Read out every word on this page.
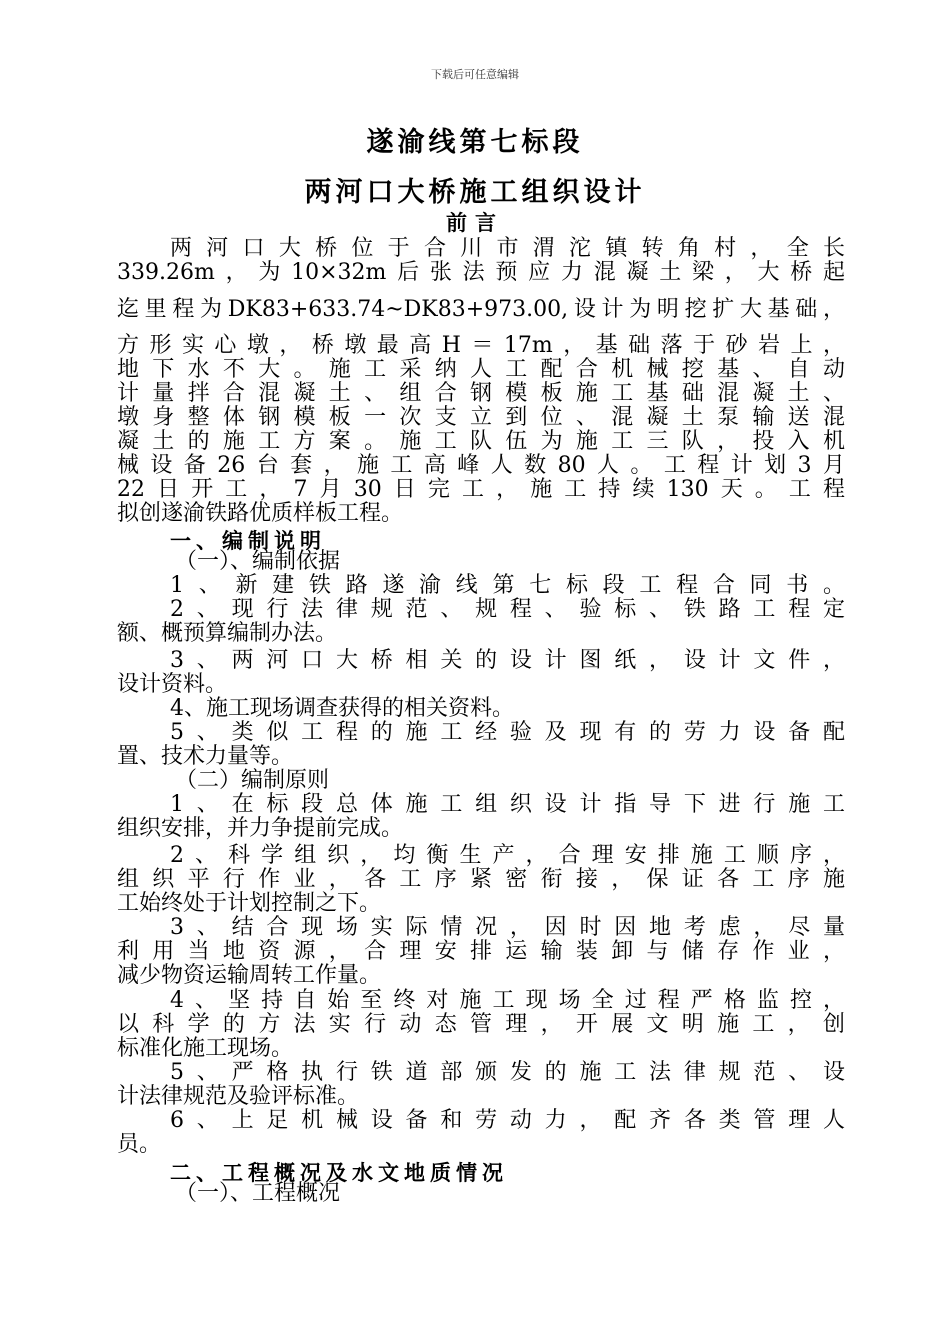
下载后可任意编辑
遂渝线第七标段
两河口大桥施工组织设计
前言
两河口大桥位于合川市渭沱镇转角村，全长
339.26m，为10×32m后张法预应力混凝土梁，大桥起
迄里程为DK83+633.74~DK83+973.00,设计为明挖扩大基础，
方形实心墩，桥墩最高H＝17m，基础落于砂岩上，
地下水不大。施工采纳人工配合机械挖基、自动
计量拌合混凝土、组合钢模板施工基础混凝土、
墩身整体钢模板一次支立到位、混凝土泵输送混
凝土的施工方案。施工队伍为施工三队，投入机
械设备26台套，施工高峰人数80人。工程计划3月
22日开工，7月30日完工，施工持续130天。工程
拟创遂渝铁路优质样板工程。
一、编制说明
（一）、编制依据
1、新建铁路遂渝线第七标段工程合同书。
2、现行法律规范、规程、验标、铁路工程定
额、概预算编制办法。
3、两河口大桥相关的设计图纸，设计文件，
设计资料。
4、施工现场调查获得的相关资料。
5、类似工程的施工经验及现有的劳力设备配
置、技术力量等。
（二）编制原则
1、在标段总体施工组织设计指导下进行施工
组织安排，并力争提前完成。
2、科学组织，均衡生产，合理安排施工顺序，
组织平行作业，各工序紧密衔接，保证各工序施
工始终处于计划控制之下。
3、结合现场实际情况，因时因地考虑，尽量
利用当地资源，合理安排运输装卸与储存作业，
减少物资运输周转工作量。
4、坚持自始至终对施工现场全过程严格监控，
以科学的方法实行动态管理，开展文明施工，创
标准化施工现场。
5、严格执行铁道部颁发的施工法律规范、设
计法律规范及验评标准。
6、上足机械设备和劳动力，配齐各类管理人
员。
二、工程概况及水文地质情况
（一）、工程概况
